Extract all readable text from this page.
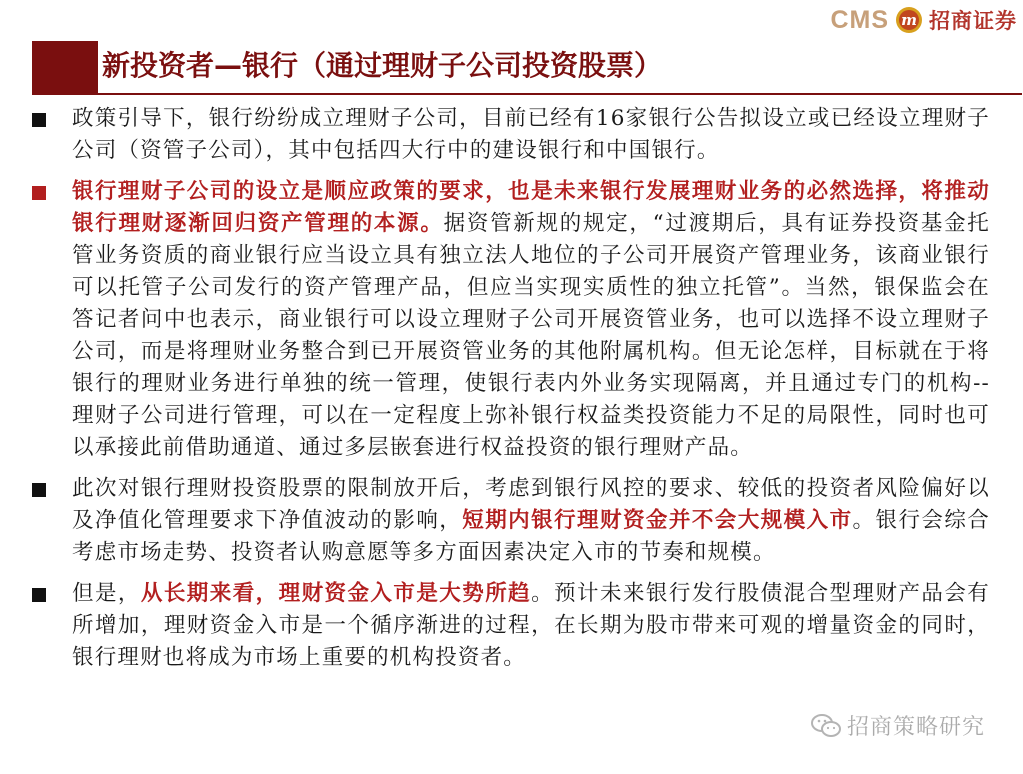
CMS m 招商证券
新投资者—银行（通过理财子公司投资股票）
政策引导下，银行纷纷成立理财子公司，目前已经有16家银行公告拟设立或已经设立理财子公司（资管子公司），其中包括四大行中的建设银行和中国银行。
银行理财子公司的设立是顺应政策的要求，也是未来银行发展理财业务的必然选择，将推动银行理财逐渐回归资产管理的本源。据资管新规的规定，“过渡期后，具有证券投资基金托管业务资质的商业银行应当设立具有独立法人地位的子公司开展资产管理业务，该商业银行可以托管子公司发行的资产管理产品，但应当实现实质性的独立托管”。当然，银保监会在答记者问中也表示，商业银行可以设立理财子公司开展资管业务，也可以选择不设立理财子公司，而是将理财业务整合到已开展资管业务的其他附属机构。但无论怎样，目标就在于将银行的理财业务进行单独的统一管理，使银行表内外业务实现隔离，并且通过专门的机构--理财子公司进行管理，可以在一定程度上弥补银行权益类投资能力不足的局限性，同时也可以承接此前借助通道、通过多层嵌套进行权益投资的银行理财产品。
此次对银行理财投资股票的限制放开后，考虑到银行风控的要求、较低的投资者风险偏好以及净值化管理要求下净值波动的影响，短期内银行理财资金并不会大规模入市。银行会综合考虑市场走势、投资者认购意愿等多方面因素决定入市的节奏和规模。
但是，从长期来看，理财资金入市是大势所趋。预计未来银行发行股债混合型理财产品会有所增加，理财资金入市是一个循序渐进的过程，在长期为股市带来可观的增量资金的同时，银行理财也将成为市场上重要的机构投资者。
招商策略研究
